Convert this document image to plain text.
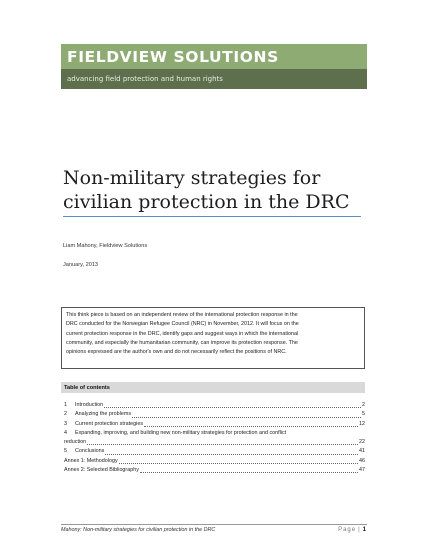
FIELDVIEW SOLUTIONS
advancing field protection and human rights
Non-military strategies for
civilian protection in the DRC
Liam Mahony, Fieldview Solutions
January, 2013
This think piece is based on an independent review of the international protection response in the
DRC conducted for the Norwegian Refugee Council (NRC) in November, 2012. It will focus on the
current protection response in the DRC, identify gaps and suggest ways in which the international
community, and especially the humanitarian community, can improve its protection response. The
opinions expressed are the author's own and do not necessarily reflect the positions of NRC.
Table of contents
1	Introduction	2
2	Analyzing the problems	5
3	Current protection strategies	12
4	Expanding, improving, and building new non-military strategies for protection and conflict
reduction	22
5	Conclusions	41
Annex 1: Methodology	46
Annex 2: Selected Bibliography	47
Mahony: Non-military strategies for civilian protection in the DRC	Page | 1
